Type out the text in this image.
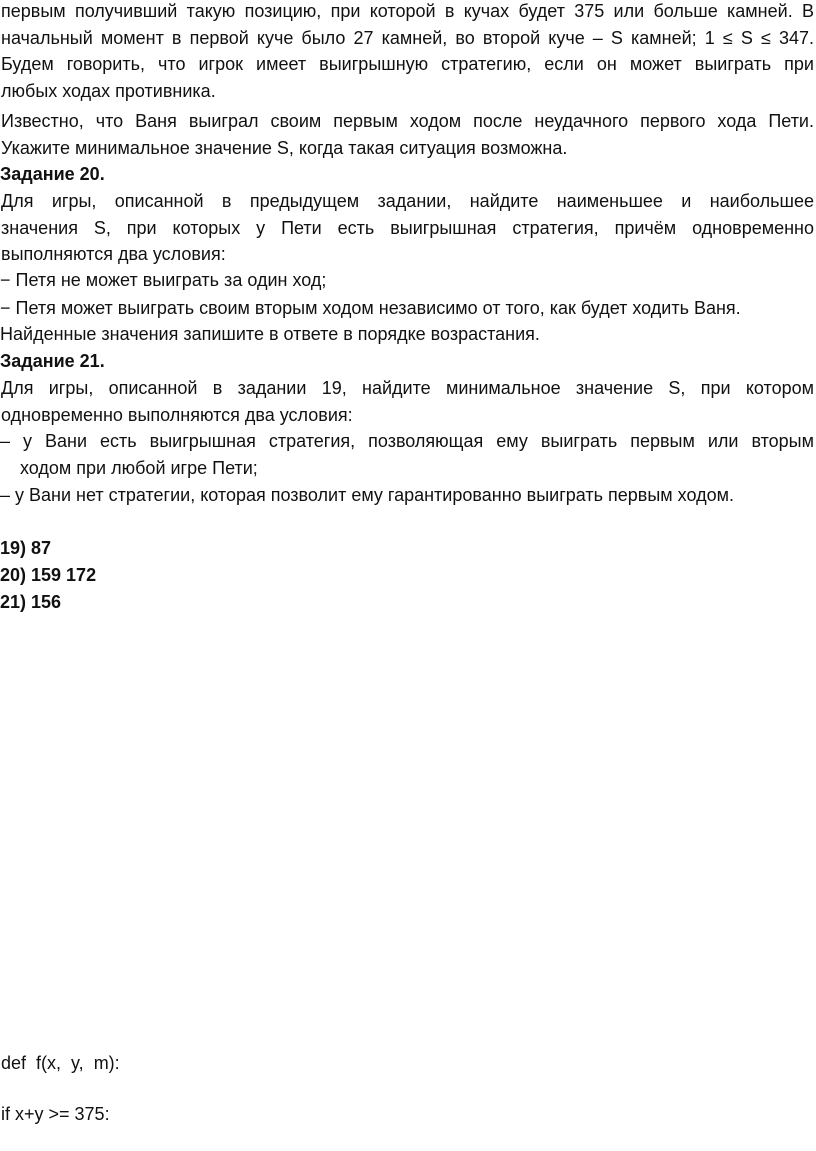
первым получивший такую позицию, при которой в кучах будет 375 или больше камней. В
начальный момент в первой куче было 27 камней, во второй куче – S камней; 1 ≤ S ≤ 347.
Будем говорить, что игрок имеет выигрышную стратегию, если он может выиграть при
любых ходах противника.
Известно, что Ваня выиграл своим первым ходом после неудачного первого хода Пети.
Укажите минимальное значение S, когда такая ситуация возможна.
Задание 20.
Для игры, описанной в предыдущем задании, найдите наименьшее и наибольшее
значения S, при которых у Пети есть выигрышная стратегия, причём одновременно
выполняются два условия:
− Петя не может выиграть за один ход;
− Петя может выиграть своим вторым ходом независимо от того, как будет ходить Ваня.
Найденные значения запишите в ответе в порядке возрастания.
Задание 21.
Для игры, описанной в задании 19, найдите минимальное значение S, при котором
одновременно выполняются два условия:
– у Вани есть выигрышная стратегия, позволяющая ему выиграть первым или вторым
ходом при любой игре Пети;
– у Вани нет стратегии, которая позволит ему гарантированно выиграть первым ходом.
19) 87
20) 159 172
21) 156
def  f(x,  y,  m):
if x+y >= 375:
